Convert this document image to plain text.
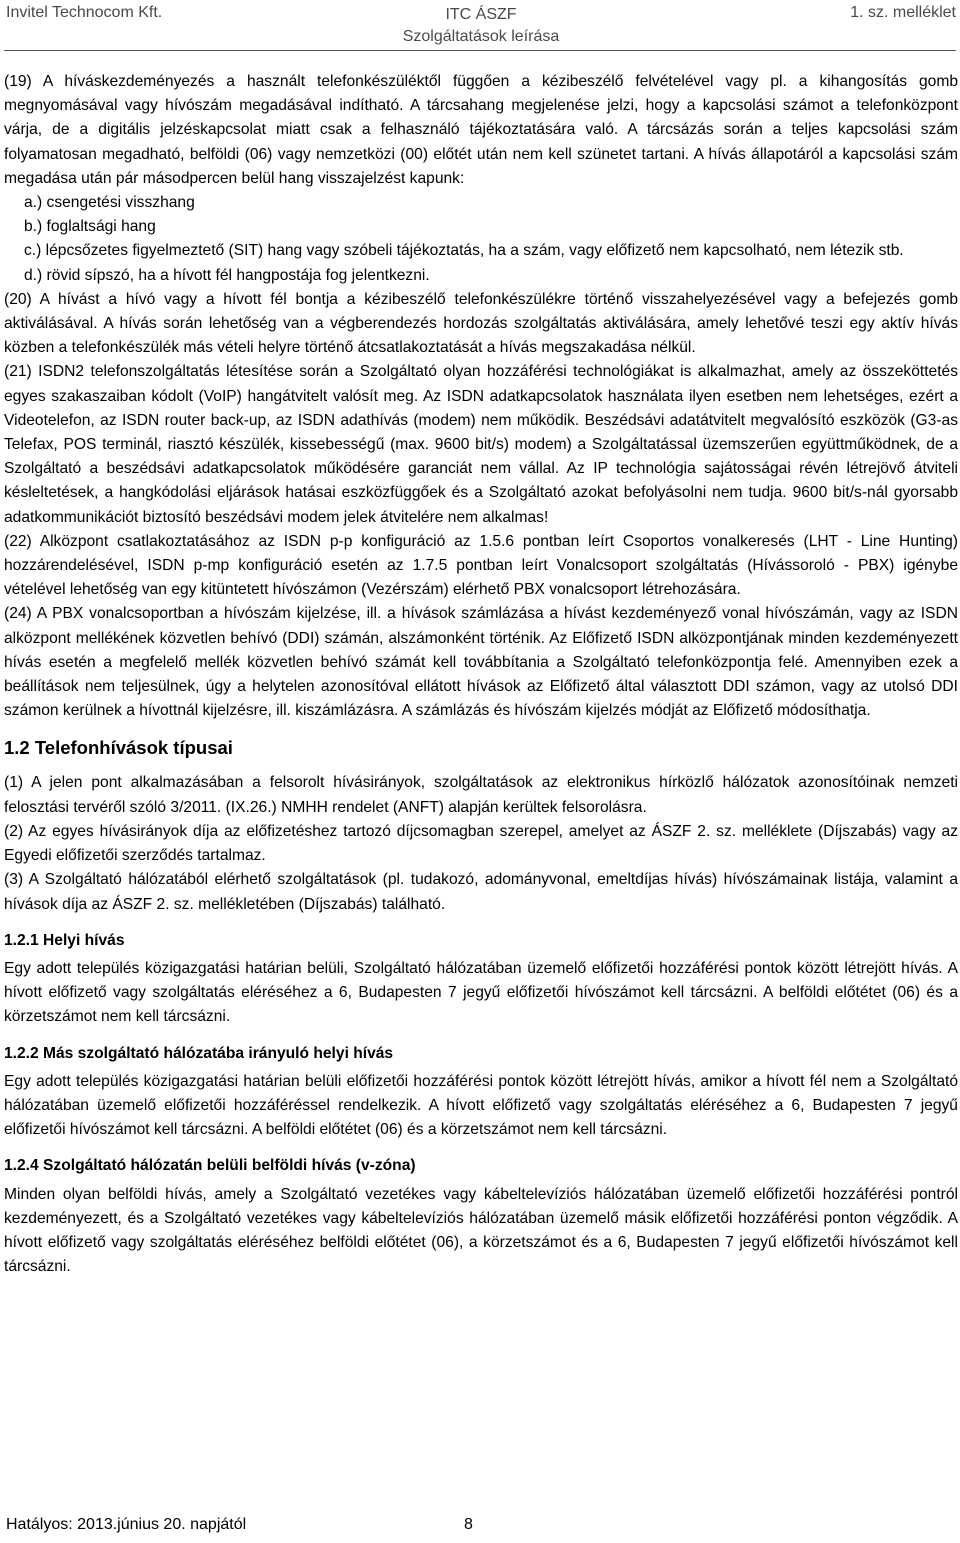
Invitel Technocom Kft.	ITC ÁSZF
Szolgáltatások leírása
1. sz. melléklet

(19) A híváskezdeményezés a használt telefonkészüléktől függően a kézibeszélő felvételével vagy pl. a kihangosítás gomb megnyomásával vagy hívószám megadásával indítható. A tárcsahang megjelenése jelzi, hogy a kapcsolási számot a telefonközpont várja, de a digitális jelzéskapcsolat miatt csak a felhasználó tájékoztatására való. A tárcsázás során a teljes kapcsolási szám folyamatosan megadható, belföldi (06) vagy nemzetközi (00) előtét után nem kell szünetet tartani. A hívás állapotáról a kapcsolási szám megadása után pár másodpercen belül hang visszajelzést kapunk:

a.) csengetési visszhang

b.) foglaltsági hang

c.) lépcsőzetes figyelmeztető (SIT) hang vagy szóbeli tájékoztatás, ha a szám, vagy előfizető nem kapcsolható, nem létezik stb.

d.) rövid sípszó, ha a hívott fél hangpostája fog jelentkezni.

(20) A hívást a hívó vagy a hívott fél bontja a kézibeszélő telefonkészülékre történő visszahelyezésével vagy a befejezés gomb aktiválásával. A hívás során lehetőség van a végberendezés hordozás szolgáltatás aktiválására, amely lehetővé teszi egy aktív hívás közben a telefonkészülék más vételi helyre történő átcsatlakoztatását a hívás megszakadása nélkül.

(21) ISDN2 telefonszolgáltatás létesítése során a Szolgáltató olyan hozzáférési technológiákat is alkalmazhat, amely az összeköttetés egyes szakaszaiban kódolt (VoIP) hangátvitelt valósít meg. Az ISDN adatkapcsolatok használata ilyen esetben nem lehetséges, ezért a Videotelefon, az ISDN router back-up, az ISDN adathívás (modem) nem működik. Beszédsávi adatátvitelt megvalósító eszközök (G3-as Telefax, POS terminál, riasztó készülék, kissebességű (max. 9600 bit/s) modem) a Szolgáltatással üzemszerűen együttműködnek, de a Szolgáltató a beszédsávi adatkapcsolatok működésére garanciát nem vállal. Az IP technológia sajátosságai révén létrejövő átviteli késleltetések, a hangkódolási eljárások hatásai eszközfüggőek és a Szolgáltató azokat befolyásolni nem tudja. 9600 bit/s-nál gyorsabb adatkommunikációt biztosító beszédsávi modem jelek átvitelére nem alkalmas!

(22) Alközpont csatlakoztatásához az ISDN p-p konfiguráció az 1.5.6 pontban leírt Csoportos vonalkeresés (LHT - Line Hunting) hozzárendelésével, ISDN p-mp konfiguráció esetén az 1.7.5 pontban leírt Vonalcsoport szolgáltatás (Hívássoroló - PBX) igénybe vételével lehetőség van egy kitüntetett hívószámon (Vezérszám) elérhető PBX vonalcsoport létrehozására.

(24) A PBX vonalcsoportban a hívószám kijelzése, ill. a hívások számlázása a hívást kezdeményező vonal hívószámán, vagy az ISDN alközpont mellékének közvetlen behívó (DDI) számán, alszámonként történik. Az Előfizető ISDN alközpontjának minden kezdeményezett hívás esetén a megfelelő mellék közvetlen behívó számát kell továbbítania a Szolgáltató telefonközpontja felé. Amennyiben ezek a beállítások nem teljesülnek, úgy a helytelen azonosítóval ellátott hívások az Előfizető által választott DDI számon, vagy az utolsó DDI számon kerülnek a hívottnál kijelzésre, ill. kiszámlázásra. A számlázás és hívószám kijelzés módját az Előfizető módosíthatja.

1.2 Telefonhívások típusai

(1) A jelen pont alkalmazásában a felsorolt hívásirányok, szolgáltatások az elektronikus hírközlő hálózatok azonosítóinak nemzeti felosztási tervéről szóló 3/2011. (IX.26.) NMHH rendelet (ANFT) alapján kerültek felsorolásra.

(2) Az egyes hívásirányok díja az előfizetéshez tartozó díjcsomagban szerepel, amelyet az ÁSZF 2. sz. melléklete (Díjszabás) vagy az Egyedi előfizetői szerződés tartalmaz.

(3) A Szolgáltató hálózatából elérhető szolgáltatások (pl. tudakozó, adományvonal, emeltdíjas hívás) hívószámainak listája, valamint a hívások díja az ÁSZF 2. sz. mellékletében (Díjszabás) található.

1.2.1 Helyi hívás

Egy adott település közigazgatási határian belüli, Szolgáltató hálózatában üzemelő előfizetői hozzáférési pontok között létrejött hívás. A hívott előfizető vagy szolgáltatás eléréséhez a 6, Budapesten 7 jegyű előfizetői hívószámot kell tárcsázni. A belföldi előtétet (06) és a körzetszámot nem kell tárcsázni.

1.2.2 Más szolgáltató hálózatába irányuló helyi hívás

Egy adott település közigazgatási határian belüli előfizetői hozzáférési pontok között létrejött hívás, amikor a hívott fél nem a Szolgáltató hálózatában üzemelő előfizetői hozzáféréssel rendelkezik. A hívott előfizető vagy szolgáltatás eléréséhez a 6, Budapesten 7 jegyű előfizetői hívószámot kell tárcsázni. A belföldi előtétet (06) és a körzetszámot nem kell tárcsázni.

1.2.4 Szolgáltató hálózatán belüli belföldi hívás (v-zóna)

Minden olyan belföldi hívás, amely a Szolgáltató vezetékes vagy kábeltelevíziós hálózatában üzemelő előfizetői hozzáférési pontról kezdeményezett, és a Szolgáltató vezetékes vagy kábeltelevíziós hálózatában üzemelő másik előfizetői hozzáférési ponton végződik. A hívott előfizető vagy szolgáltatás eléréséhez belföldi előtétet (06), a körzetszámot és a 6, Budapesten 7 jegyű előfizetői hívószámot kell tárcsázni.

Hatályos: 2013.június 20. napjától	8
